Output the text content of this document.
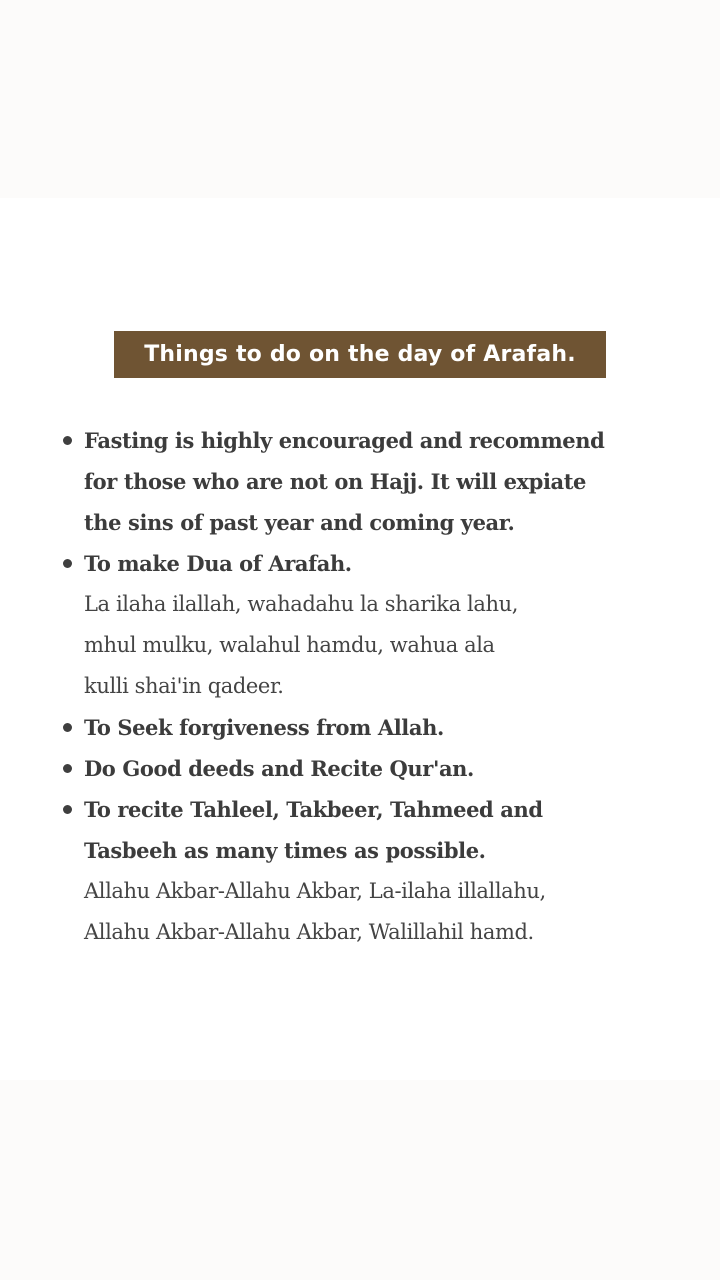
Things to do on the day of Arafah.
Fasting is highly encouraged and recommend
for those who are not on Hajj. It will expiate
the sins of past year and coming year.
To make Dua of Arafah.
La ilaha ilallah, wahadahu la sharika lahu,
mhul mulku, walahul hamdu, wahua ala
kulli shai'in qadeer.
To Seek forgiveness from Allah.
Do Good deeds and Recite Qur'an.
To recite Tahleel, Takbeer, Tahmeed and
Tasbeeh as many times as possible.
Allahu Akbar-Allahu Akbar, La-ilaha illallahu,
Allahu Akbar-Allahu Akbar, Walillahil hamd.
